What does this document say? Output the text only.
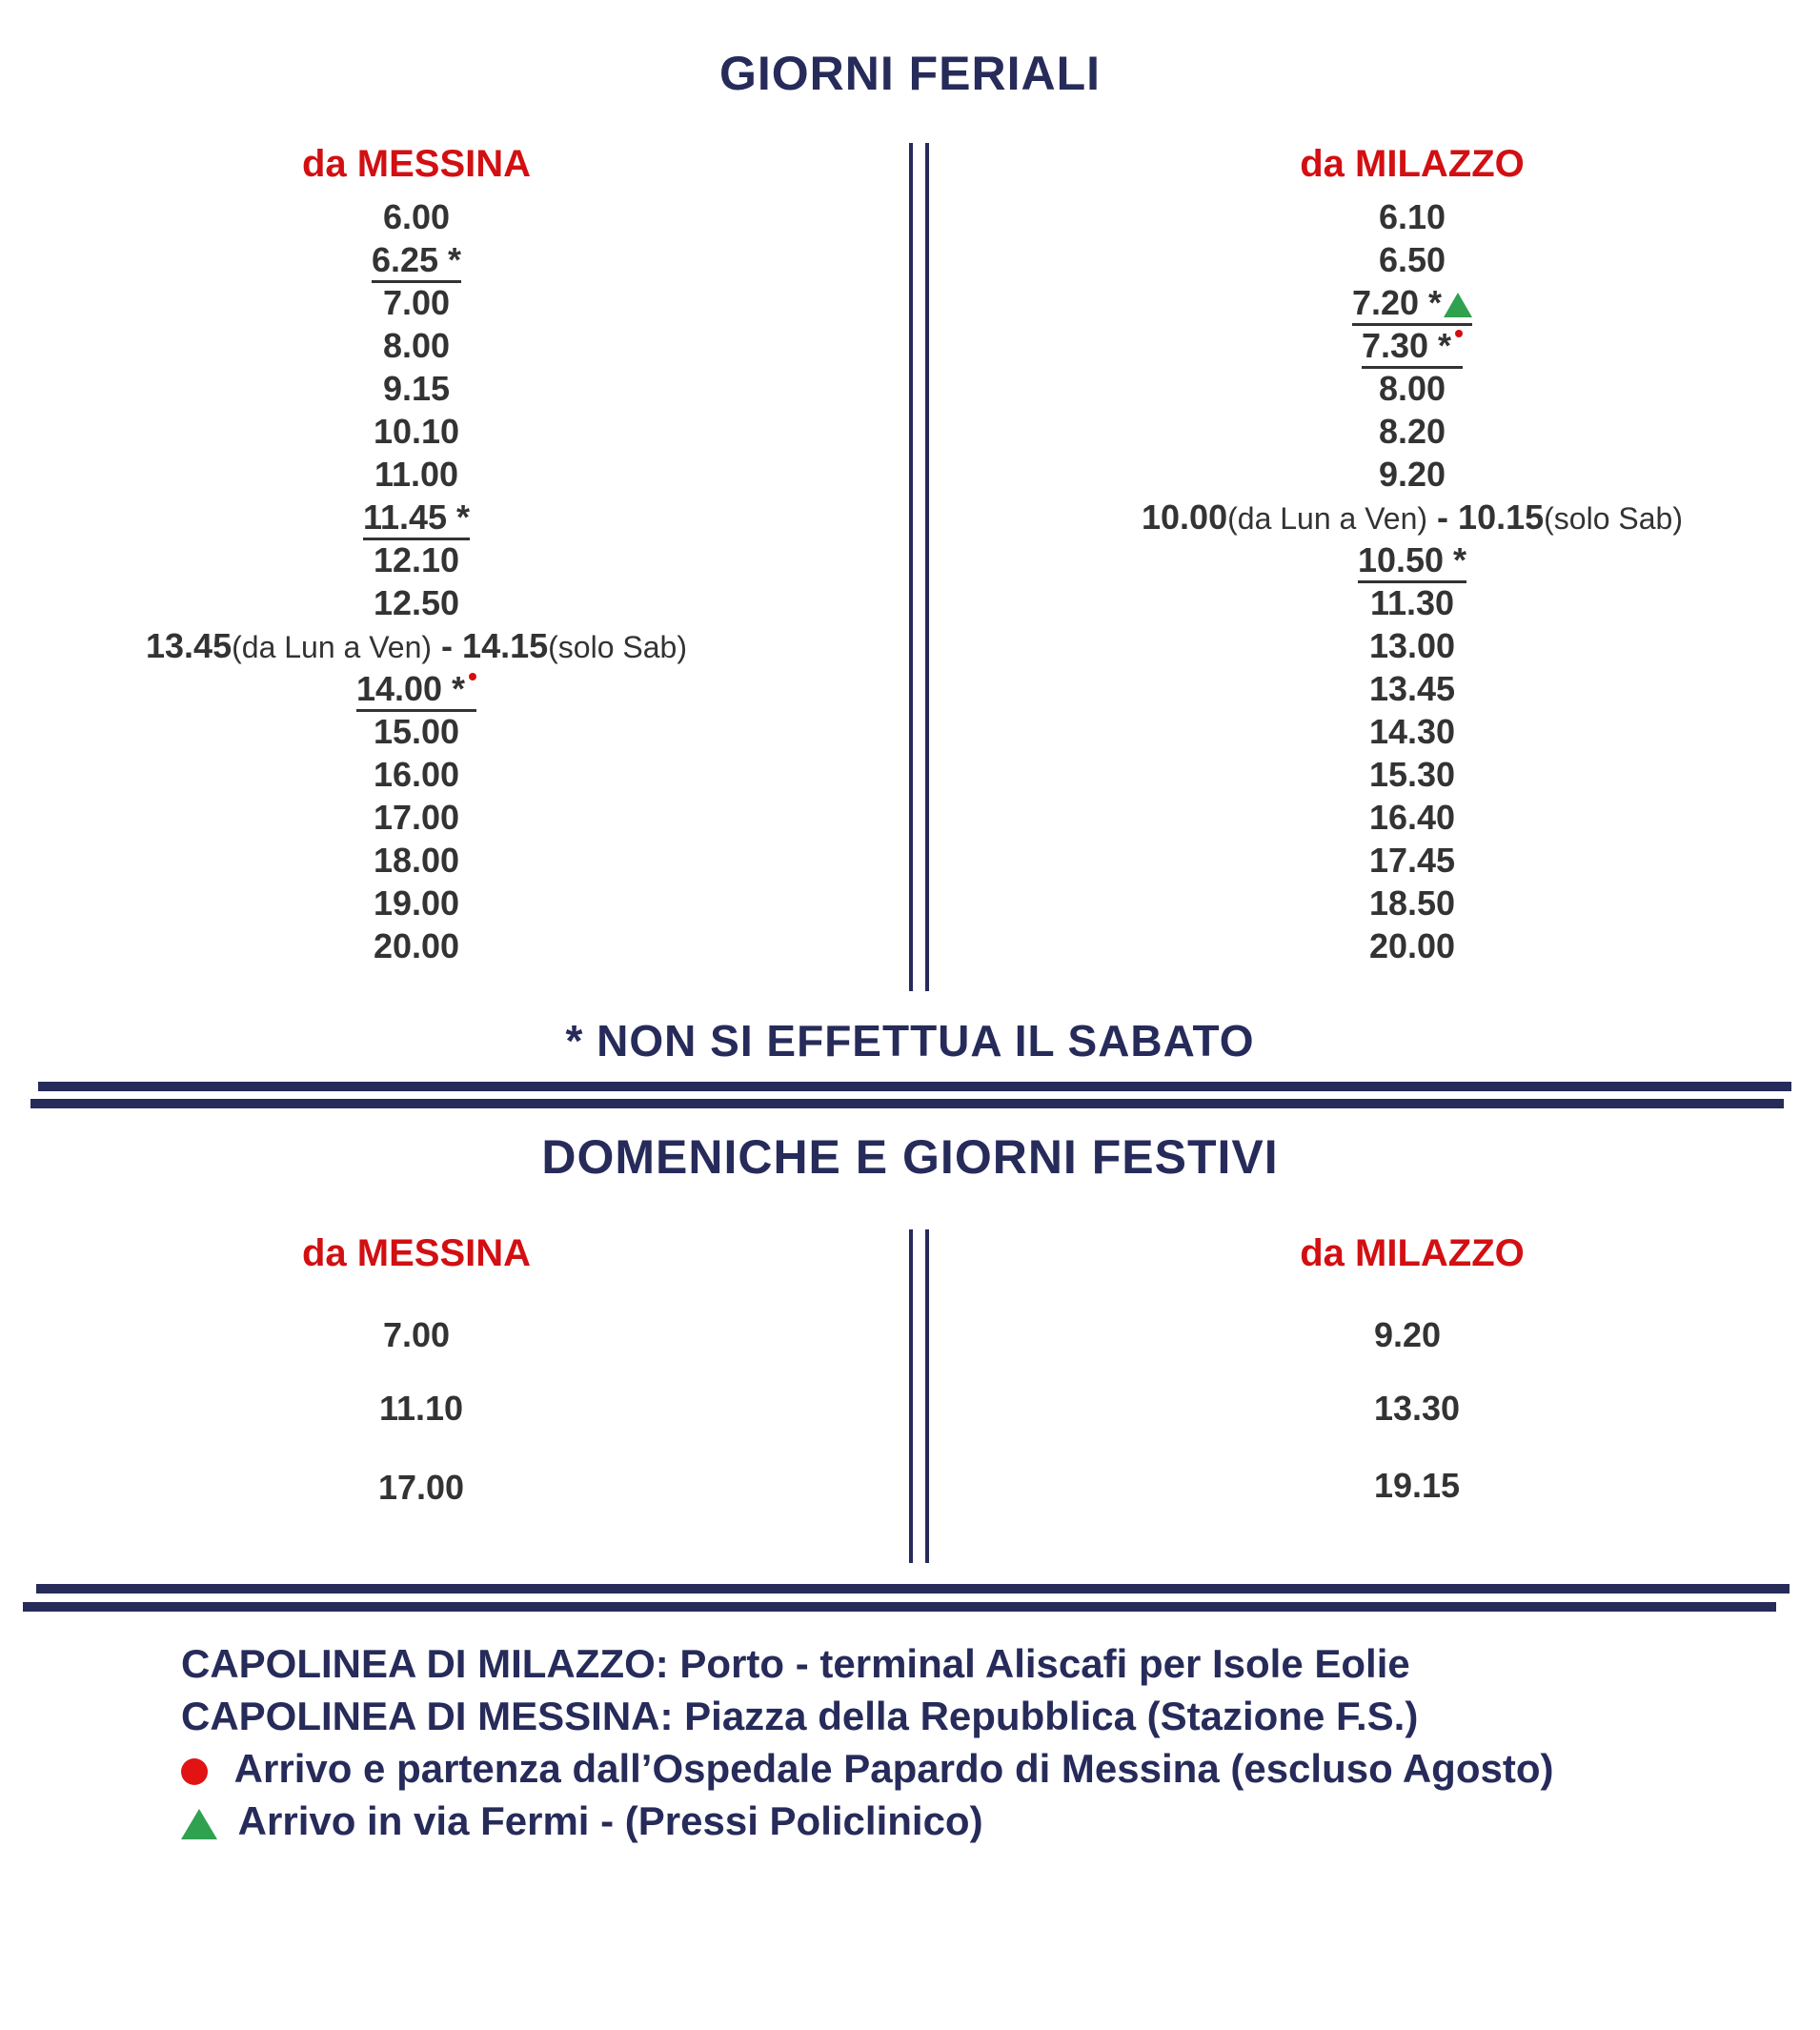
GIORNI FERIALI
da MESSINA	da MILAZZO
6.00
6.25 *
7.00
8.00
9.15
10.10
11.00
11.45 *
12.10
12.50
13.45(da Lun a Ven) - 14.15(solo Sab)
14.00 *
15.00
16.00
17.00
18.00
19.00
20.00
6.10
6.50
7.20 *
7.30 *
8.00
8.20
9.20
10.00(da Lun a Ven) - 10.15(solo Sab)
10.50 *
11.30
13.00
13.45
14.30
15.30
16.40
17.45
18.50
20.00
* NON SI EFFETTUA IL SABATO
DOMENICHE E GIORNI FESTIVI
da MESSINA	da MILAZZO
7.00
11.10
17.00
9.20
13.30
19.15
CAPOLINEA DI MILAZZO: Porto - terminal Aliscafi per Isole Eolie
CAPOLINEA DI MESSINA: Piazza della Repubblica (Stazione F.S.)
Arrivo e partenza dall’Ospedale Papardo di Messina (escluso Agosto)
Arrivo in via Fermi - (Pressi Policlinico)
